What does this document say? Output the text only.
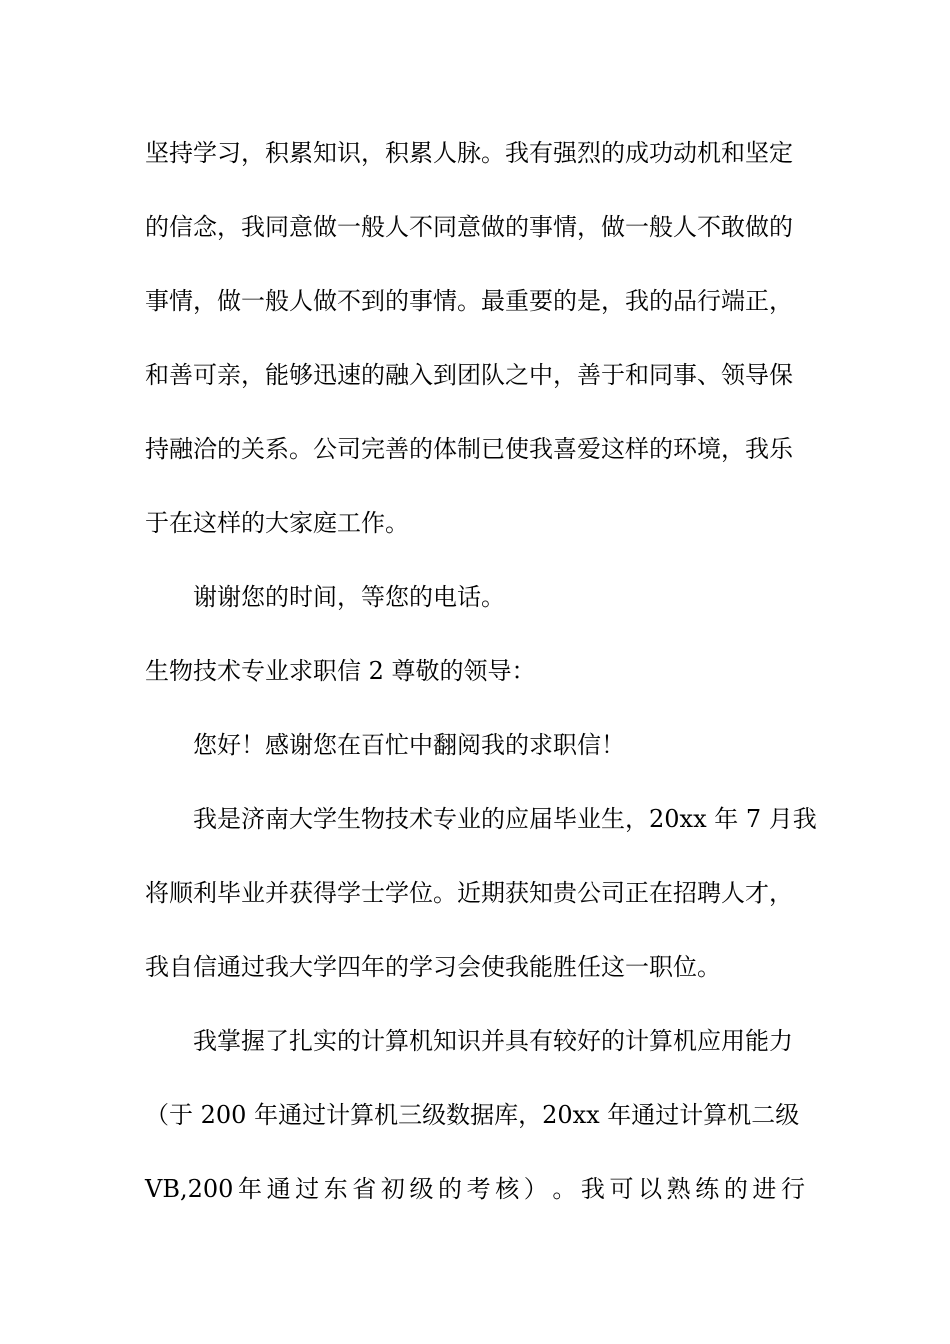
坚持学习，积累知识，积累人脉。我有强烈的成功动机和坚定
的信念，我同意做一般人不同意做的事情，做一般人不敢做的
事情，做一般人做不到的事情。最重要的是，我的品行端正，
和善可亲，能够迅速的融入到团队之中，善于和同事、领导保
持融洽的关系。公司完善的体制已使我喜爱这样的环境，我乐
于在这样的大家庭工作。
谢谢您的时间，等您的电话。
生物技术专业求职信 2 尊敬的领导：
您好！感谢您在百忙中翻阅我的求职信！
我是济南大学生物技术专业的应届毕业生，20xx 年 7 月我
将顺利毕业并获得学士学位。近期获知贵公司正在招聘人才，
我自信通过我大学四年的学习会使我能胜任这一职位。
我掌握了扎实的计算机知识并具有较好的计算机应用能力
（于 200 年通过计算机三级数据库，20xx 年通过计算机二级
VB,200 年 通 过 东 省 初 级 的 考 核 ） 。 我 可 以 熟 练 的 进 行
